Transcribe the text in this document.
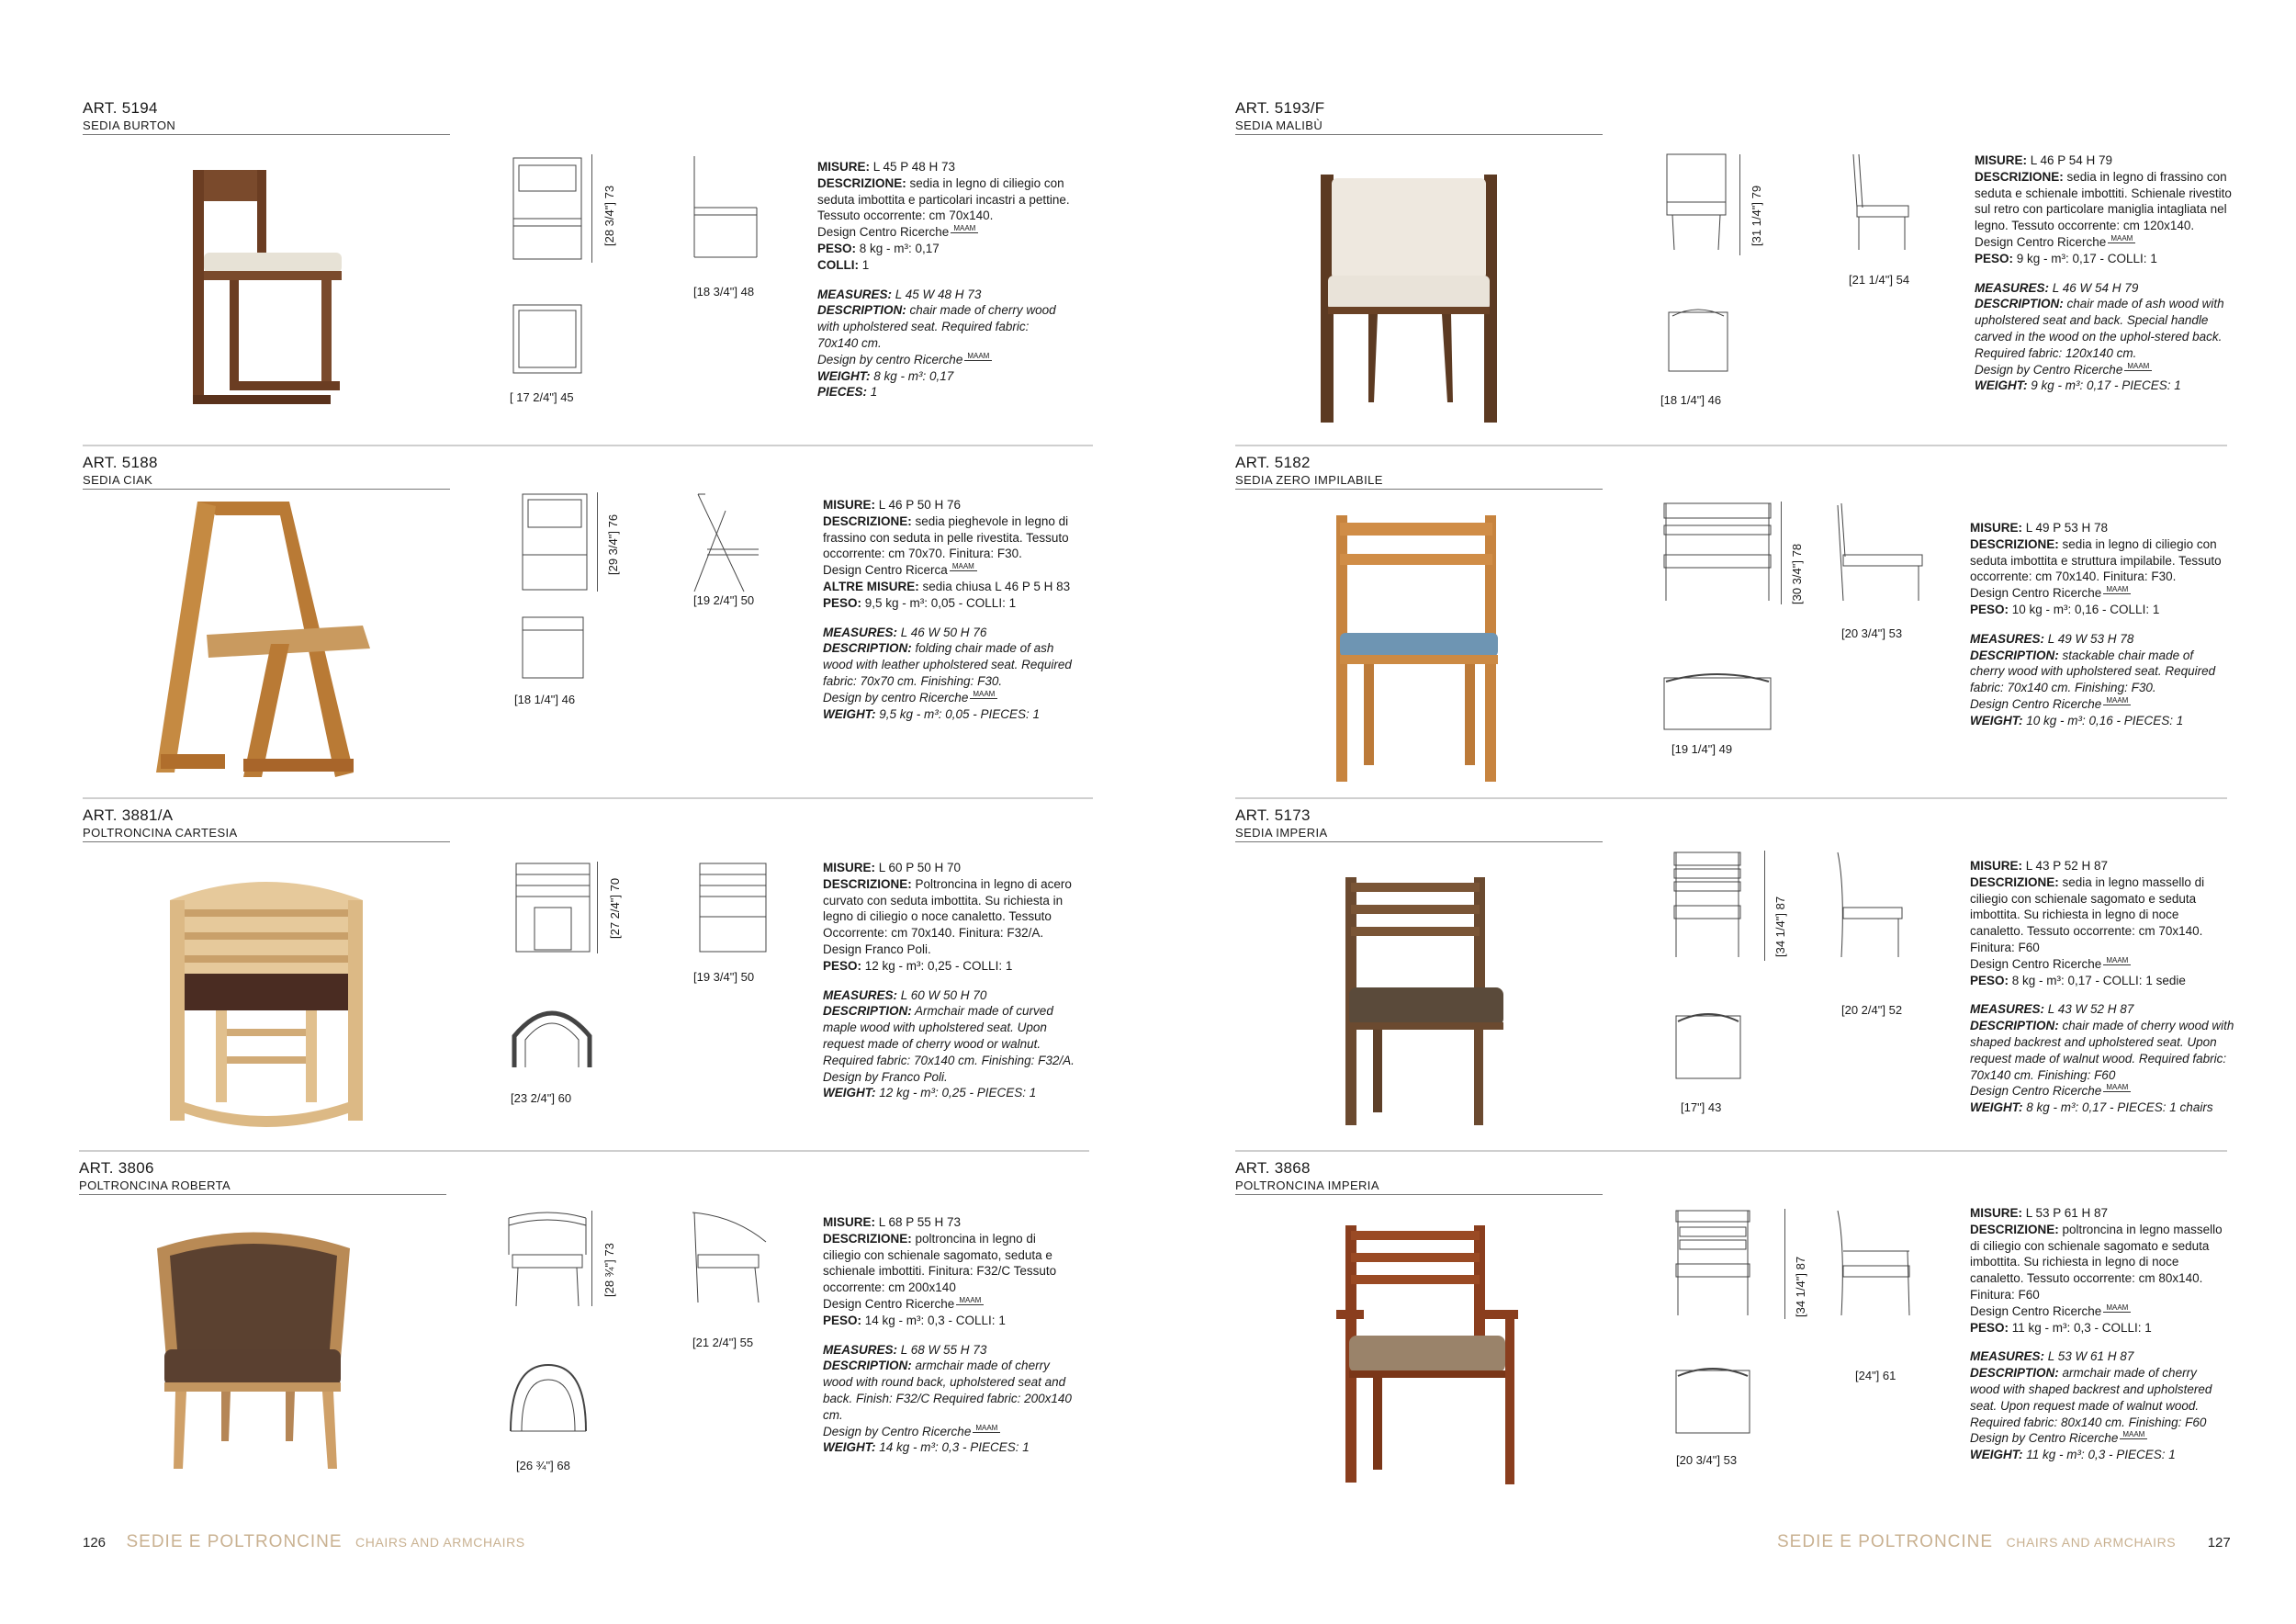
ART. 5194
SEDIA BURTON
[28 3/4"] 73
[18 3/4"] 48
[ 17 2/4"] 45

MISURE: L 45 P 48 H 73

DESCRIZIONE: sedia in legno di ciliegio con seduta imbottita e particolari incastri a pettine. Tessuto occorrente: cm 70x140.

Design Centro Ricerche MAAM

PESO: 8 kg - m³: 0,17

COLLI: 1

MEASURES: L 45 W 48 H 73

DESCRIPTION: chair made of cherry wood with upholstered seat. Required fabric: 70x140 cm.

Design by centro Ricerche MAAM

WEIGHT: 8 kg - m³: 0,17

PIECES: 1

ART. 5188
SEDIA CIAK
[29 3/4"] 76
[19 2/4"] 50
[18 1/4"] 46

MISURE: L 46 P 50 H 76

DESCRIZIONE: sedia pieghevole in legno di frassino con seduta in pelle rivestita. Tessuto occorrente: cm 70x70. Finitura: F30.

Design Centro Ricerca MAAM

ALTRE MISURE: sedia chiusa L 46 P 5 H 83

PESO: 9,5 kg - m³: 0,05 - COLLI: 1

MEASURES: L 46 W 50 H 76

DESCRIPTION: folding chair made of ash wood with leather upholstered seat. Required fabric: 70x70 cm. Finishing: F30.

Design by centro Ricerche MAAM

WEIGHT: 9,5 kg - m³: 0,05 - PIECES: 1

ART. 3881/A
POLTRONCINA CARTESIA
[27 2/4"] 70
[19 3/4"] 50
[23 2/4"] 60

MISURE: L 60 P 50 H 70

DESCRIZIONE: Poltroncina in legno di acero curvato con seduta imbottita. Su richiesta in legno di ciliegio o noce canaletto. Tessuto Occorrente: cm 70x140. Finitura: F32/A.

Design Franco Poli.

PESO: 12 kg - m³: 0,25 - COLLI: 1

MEASURES: L 60 W 50 H 70

DESCRIPTION: Armchair made of curved maple wood with upholstered seat. Upon request made of cherry wood or walnut. Required fabric: 70x140 cm. Finishing: F32/A.

Design by Franco Poli.

WEIGHT: 12 kg - m³: 0,25 - PIECES: 1

ART. 3806
POLTRONCINA ROBERTA
[28 ¾"] 73
[21 2/4"] 55
[26 ¾"] 68

MISURE: L 68 P 55 H 73

DESCRIZIONE: poltroncina in legno di ciliegio con schienale sagomato, seduta e schienale imbottiti. Finitura: F32/C Tessuto occorrente: cm 200x140

Design Centro Ricerche MAAM

PESO: 14 kg - m³: 0,3 - COLLI: 1

MEASURES: L 68 W 55 H 73

DESCRIPTION: armchair made of cherry wood with round back, upholstered seat and back. Finish: F32/C Required fabric: 200x140 cm.

Design by Centro Ricerche MAAM

WEIGHT: 14 kg - m³: 0,3 - PIECES: 1

ART. 5193/F
SEDIA MALIBÙ
[31 1/4"] 79
[21 1/4"] 54
[18 1/4"] 46

MISURE: L 46 P 54 H 79

DESCRIZIONE: sedia in legno di frassino con seduta e schienale imbottiti. Schienale rivestito sul retro con particolare maniglia intagliata nel legno. Tessuto occorrente: cm 120x140.

Design Centro Ricerche MAAM

PESO: 9 kg - m³: 0,17 - COLLI: 1

MEASURES: L 46 W 54 H 79

DESCRIPTION: chair made of ash wood with upholstered seat and back. Special handle carved in the wood on the uphol-stered back. Required fabric: 120x140 cm.

Design by Centro Ricerche MAAM

WEIGHT: 9 kg - m³: 0,17 - PIECES: 1

ART. 5182
SEDIA ZERO IMPILABILE
[30 3/4"] 78
[20 3/4"] 53
[19 1/4"] 49

MISURE: L 49 P 53 H 78

DESCRIZIONE: sedia in legno di ciliegio con seduta imbottita e struttura impilabile. Tessuto occorrente: cm 70x140. Finitura: F30.

Design Centro Ricerche MAAM

PESO: 10 kg - m³: 0,16 - COLLI: 1

MEASURES: L 49 W 53 H 78

DESCRIPTION: stackable chair made of cherry wood with upholstered seat. Required fabric: 70x140 cm. Finishing: F30.

Design Centro Ricerche MAAM

WEIGHT: 10 kg - m³: 0,16 - PIECES: 1

ART. 5173
SEDIA IMPERIA
[34 1/4"] 87
[20 2/4"] 52
[17"] 43

MISURE: L 43 P 52 H 87

DESCRIZIONE: sedia in legno massello di ciliegio con schienale sagomato e seduta imbottita. Su richiesta in legno di noce canaletto. Tessuto occorrente: cm 70x140. Finitura: F60

Design Centro Ricerche MAAM

PESO: 8 kg - m³: 0,17 - COLLI: 1 sedie

MEASURES: L 43 W 52 H 87

DESCRIPTION: chair made of cherry wood with shaped backrest and upholstered seat. Upon request made of walnut wood. Required fabric: 70x140 cm. Finishing: F60

Design Centro Ricerche MAAM

WEIGHT: 8 kg - m³: 0,17 - PIECES: 1 chairs

ART. 3868
POLTRONCINA IMPERIA
[34 1/4"] 87
[24"] 61
[20 3/4"] 53

MISURE: L 53 P 61 H 87

DESCRIZIONE: poltroncina in legno massello di ciliegio con schienale sagomato e seduta imbottita. Su richiesta in legno di noce canaletto. Tessuto occorrente: cm 80x140. Finitura: F60

Design Centro Ricerche MAAM

PESO: 11 kg - m³: 0,3 - COLLI: 1

MEASURES: L 53 W 61 H 87

DESCRIPTION: armchair made of cherry wood with shaped backrest and upholstered seat. Upon request made of walnut wood. Required fabric: 80x140 cm. Finishing: F60

Design by Centro Ricerche MAAM

WEIGHT: 11 kg - m³: 0,3 - PIECES: 1

126 SEDIE E POLTRONCINE CHAIRS AND ARMCHAIRS	SEDIE E POLTRONCINE CHAIRS AND ARMCHAIRS 127
